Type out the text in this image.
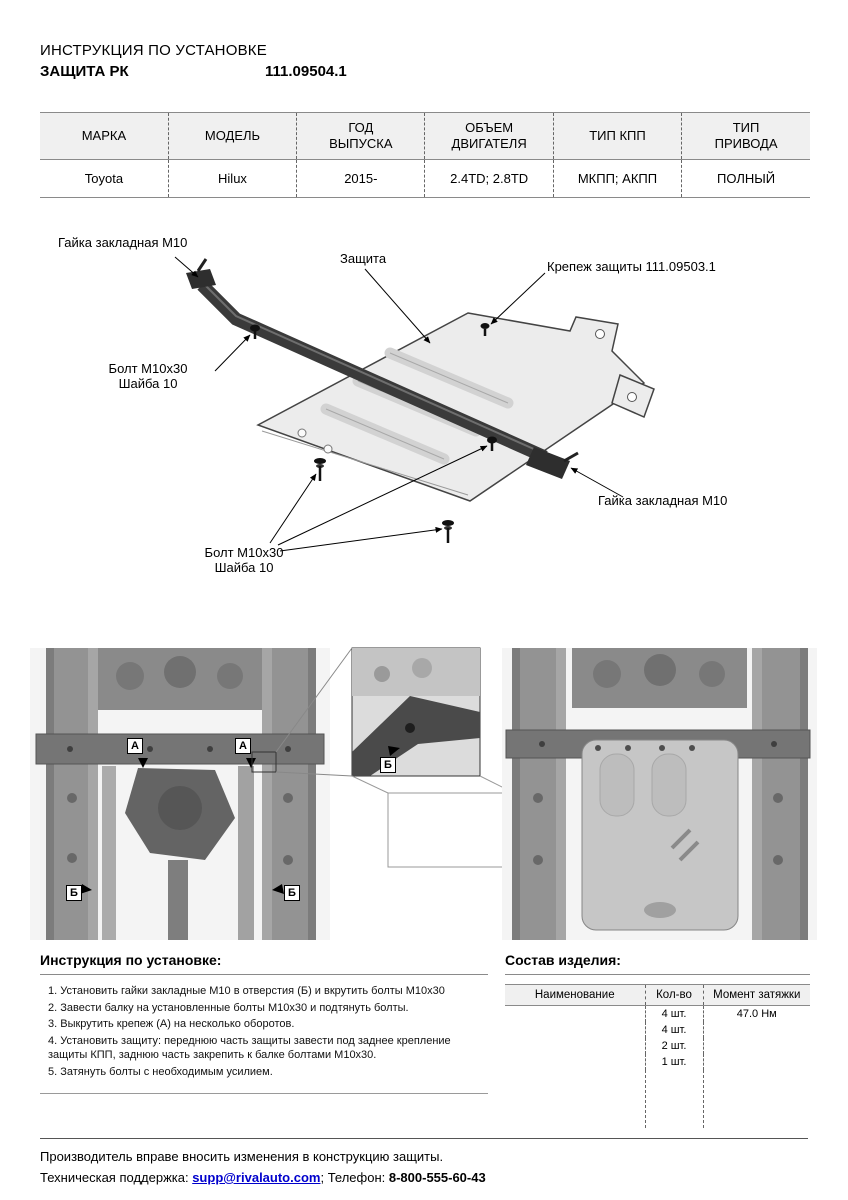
ИНСТРУКЦИЯ ПО УСТАНОВКЕ
ЗАЩИТА РК	111.09504.1
МАРКА	МОДЕЛЬ	ГОД ВЫПУСКА	ОБЪЕМ ДВИГАТЕЛЯ	ТИП КПП	ТИП ПРИВОДА
Toyota	Hilux	2015-	2.4TD; 2.8TD	МКПП; АКПП	ПОЛНЫЙ
Гайка закладная М10
Защита
Крепеж защиты 111.09503.1
Болт М10х30
Шайба 10
Гайка закладная М10
Болт М10х30
Шайба 10
А	А
Б	Б
Б
Инструкция по установке:
1. Установить гайки закладные М10 в отверстия (Б) и вкрутить болты М10х30
2. Завести балку на установленные болты М10х30 и подтянуть болты.
3. Выкрутить крепеж (А) на несколько оборотов.
4. Установить защиту: переднюю часть защиты завести под заднее крепление защиты КПП, заднюю часть закрепить к балке болтами М10х30.
5. Затянуть болты с необходимым усилием.
Состав изделия:
Наименование	Кол-во	Момент затяжки
	4 шт.	47.0 Нм
	4 шт.	
	2 шт.	
	1 шт.	

Производитель вправе вносить изменения в конструкцию защиты.
Техническая поддержка: supp@rivalauto.com; Телефон: 8-800-555-60-43
